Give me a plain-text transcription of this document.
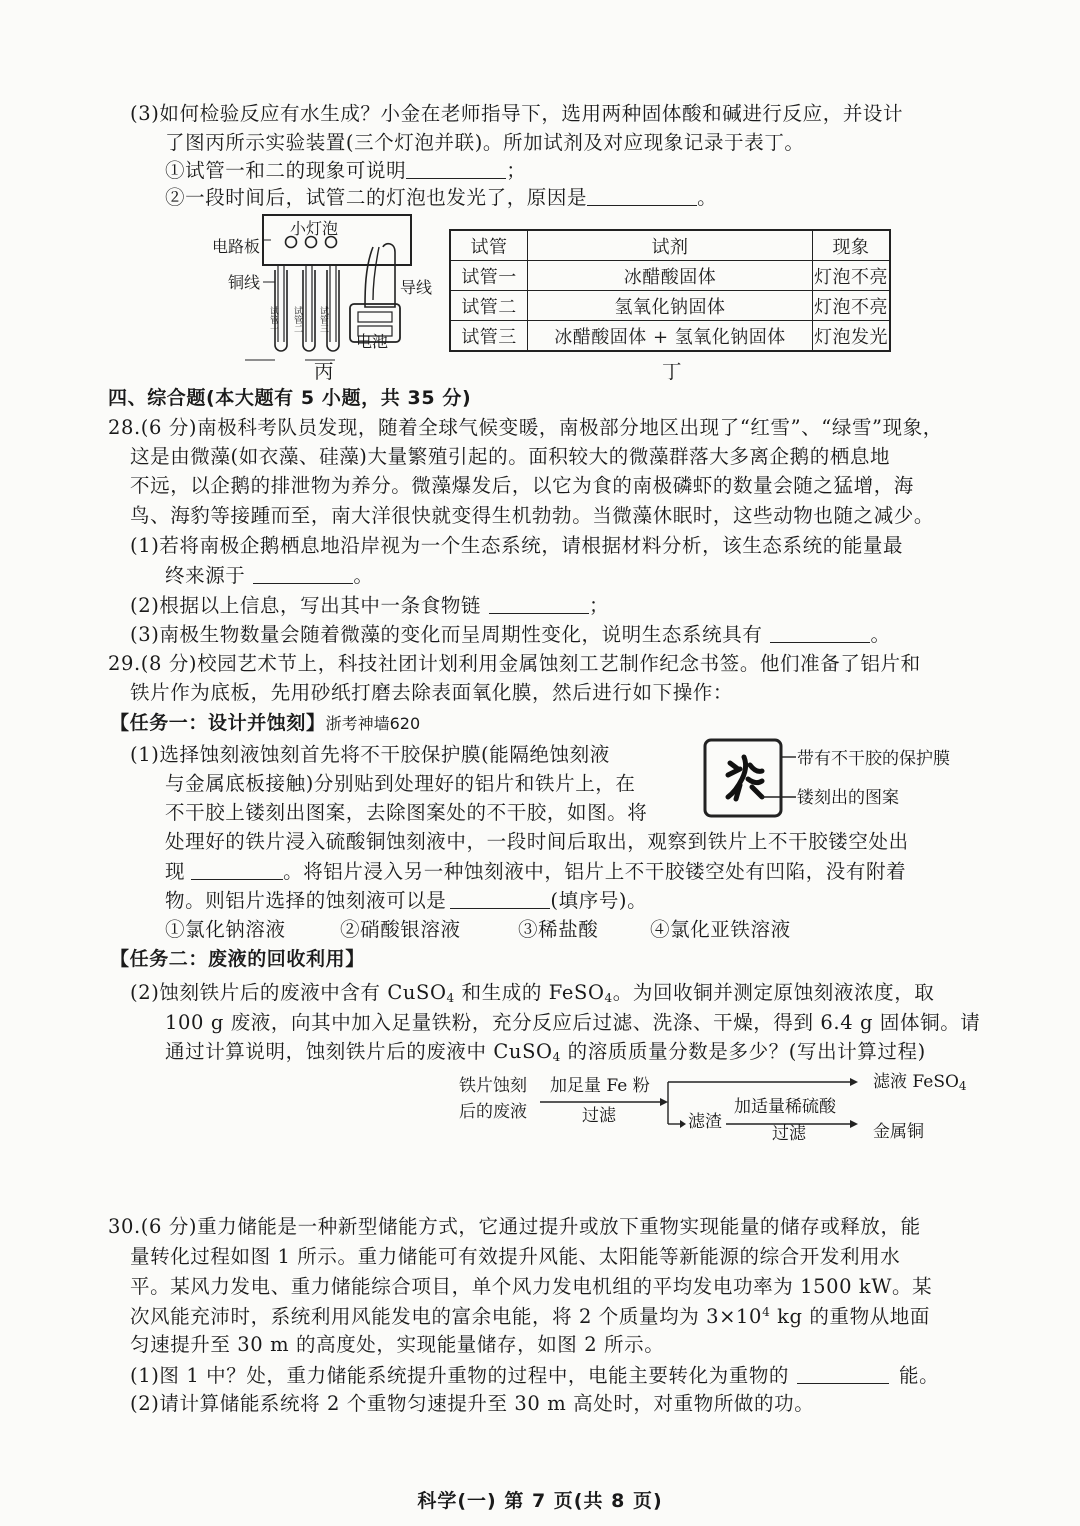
(3)如何检验反应有水生成？小金在老师指导下，选用两种固体酸和碱进行反应，并设计
了图丙所示实验装置(三个灯泡并联)。所加试剂及对应现象记录于表丁。
①试管一和二的现象可说明	；
②一段时间后，试管二的灯泡也发光了，原因是	。
电路板
小灯泡
铜线	导线
电池
试管一 试管二 试管三
丙
试管	试剂	现象
试管一	冰醋酸固体	灯泡不亮
试管二	氢氧化钠固体	灯泡不亮
试管三	冰醋酸固体 + 氢氧化钠固体	灯泡发光
丁
四、综合题(本大题有 5 小题，共 35 分)
28.(6 分)南极科考队员发现，随着全球气候变暖，南极部分地区出现了“红雪”、“绿雪”现象，
这是由微藻(如衣藻、硅藻)大量繁殖引起的。面积较大的微藻群落大多离企鹅的栖息地
不远，以企鹅的排泄物为养分。微藻爆发后，以它为食的南极磷虾的数量会随之猛增，海
鸟、海豹等接踵而至，南大洋很快就变得生机勃勃。当微藻休眠时，这些动物也随之减少。
(1)若将南极企鹅栖息地沿岸视为一个生态系统，请根据材料分析，该生态系统的能量最
终来源于	。
(2)根据以上信息，写出其中一条食物链	；
(3)南极生物数量会随着微藻的变化而呈周期性变化，说明生态系统具有	。
29.(8 分)校园艺术节上，科技社团计划利用金属蚀刻工艺制作纪念书签。他们准备了铝片和
铁片作为底板，先用砂纸打磨去除表面氧化膜，然后进行如下操作：
【任务一：设计并蚀刻】浙考神墙620
(1)选择蚀刻液蚀刻首先将不干胶保护膜(能隔绝蚀刻液
与金属底板接触)分别贴到处理好的铝片和铁片上，在
不干胶上镂刻出图案，去除图案处的不干胶，如图。将
处理好的铁片浸入硫酸铜蚀刻液中，一段时间后取出，观察到铁片上不干胶镂空处出
现	。将铝片浸入另一种蚀刻液中，铝片上不干胶镂空处有凹陷，没有附着
物。则铝片选择的蚀刻液可以是	(填序号)。
①氯化钠溶液	②硝酸银溶液	③稀盐酸	④氯化亚铁溶液
带有不干胶的保护膜
镂刻出的图案
【任务二：废液的回收利用】
(2)蚀刻铁片后的废液中含有 CuSO$_4$ 和生成的 FeSO$_4$。为回收铜并测定原蚀刻液浓度，取
100 g 废液，向其中加入足量铁粉，充分反应后过滤、洗涤、干燥，得到 6.4 g 固体铜。请
通过计算说明，蚀刻铁片后的废液中 CuSO$_4$ 的溶质质量分数是多少？(写出计算过程)
铁片蚀刻
后的废液
加足量 Fe 粉
过滤
滤液 FeSO$_4$
滤渣
加适量稀硫酸
过滤	金属铜
30.(6 分)重力储能是一种新型储能方式，它通过提升或放下重物实现能量的储存或释放，能
量转化过程如图 1 所示。重力储能可有效提升风能、太阳能等新能源的综合开发利用水
平。某风力发电、重力储能综合项目，单个风力发电机组的平均发电功率为 1500 kW。某
次风能充沛时，系统利用风能发电的富余电能，将 2 个质量均为 $3\times 10^4$ kg 的重物从地面
匀速提升至 30 m 的高度处，实现能量储存，如图 2 所示。
(1)图 1 中？处，重力储能系统提升重物的过程中，电能主要转化为重物的	能。
(2)请计算储能系统将 2 个重物匀速提升至 30 m 高处时，对重物所做的功。
科学(一) 第 7 页(共 8 页)
